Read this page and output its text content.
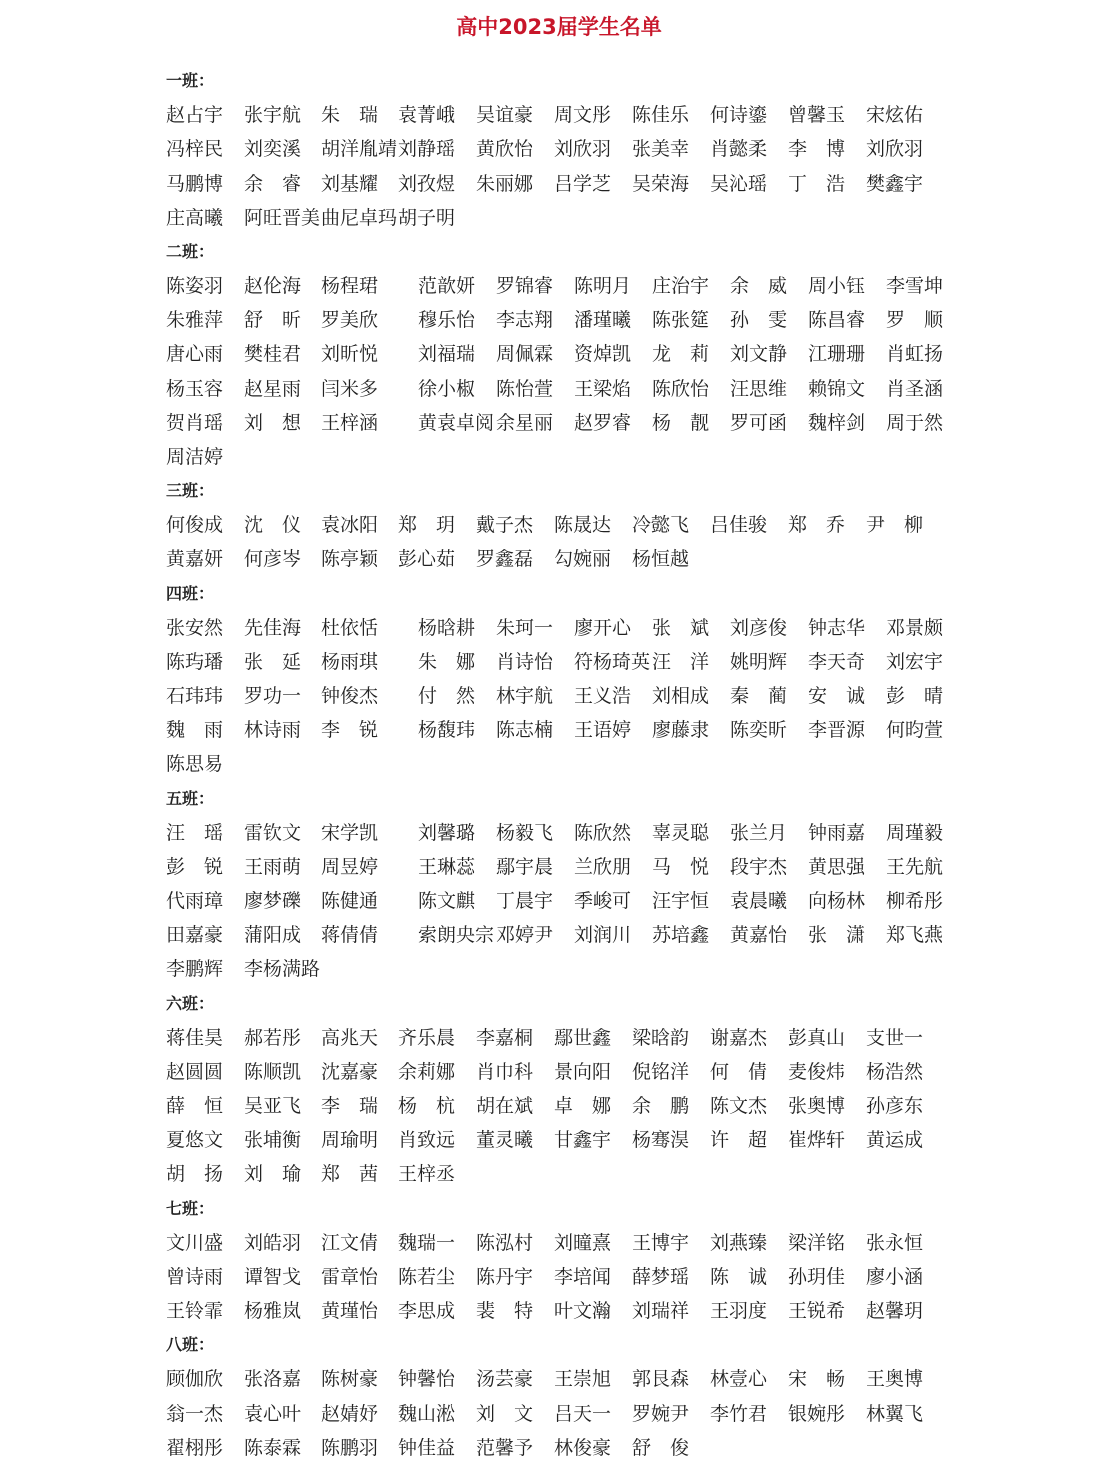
高中2023届学生名单
一班：
赵占宇 张宇航 朱　瑞 袁菁峨 吴谊豪 周文彤 陈佳乐 何诗鎏 曾馨玉 宋炫佑
冯梓民 刘奕溪 胡洋胤靖 刘静瑶 黄欣怡 刘欣羽 张美幸 肖懿柔 李　博 刘欣羽
马鹏博 余　睿 刘基耀 刘孜煜 朱丽娜 吕学芝 吴荣海 吴沁瑶 丁　浩 樊鑫宇
庄高曦 阿旺晋美 曲尼卓玛 胡子明
二班：
陈姿羽 赵伦海 杨程珺 范歆妍 罗锦睿 陈明月 庄治宇 余　威 周小钰 李雪坤
朱雅萍 舒　昕 罗美欣 穆乐怡 李志翔 潘瑾曦 陈张筵 孙　雯 陈昌睿 罗　顺
唐心雨 樊桂君 刘昕悦 刘福瑞 周佩霖 资焯凯 龙　莉 刘文静 江珊珊 肖虹扬
杨玉容 赵星雨 闫米多 徐小椒 陈怡萱 王梁焰 陈欣怡 汪思维 赖锦文 肖圣涵
贺肖瑶 刘　想 王梓涵 黄袁卓阅 余星丽 赵罗睿 杨　靓 罗可函 魏梓剑 周于然
周洁婷
三班：
何俊成 沈　仪 袁冰阳 郑　玥 戴子杰 陈晟达 冷懿飞 吕佳骏 郑　乔 尹　柳
黄嘉妍 何彦岑 陈亭颖 彭心茹 罗鑫磊 勾婉丽 杨恒越
四班：
张安然 先佳海 杜依恬 杨晗耕 朱珂一 廖开心 张　斌 刘彦俊 钟志华 邓景颇
陈玙璠 张　延 杨雨琪 朱　娜 肖诗怡 符杨琦英 汪　洋 姚明辉 李天奇 刘宏宇
石玮玮 罗功一 钟俊杰 付　然 林宇航 王义浩 刘相成 秦　蔺 安　诚 彭　晴
魏　雨 林诗雨 李　锐 杨馥玮 陈志楠 王语婷 廖藤隶 陈奕昕 李晋源 何昀萱
陈思易
五班：
汪　瑶 雷钦文 宋学凯 刘馨璐 杨毅飞 陈欣然 辜灵聪 张兰月 钟雨嘉 周瑾毅
彭　锐 王雨萌 周昱婷 王琳蕊 鄢宇晨 兰欣朋 马　悦 段宇杰 黄思强 王先航
代雨璋 廖梦礫 陈健通 陈文麒 丁晨宇 季峻可 汪宇恒 袁晨曦 向杨林 柳希彤
田嘉豪 蒲阳成 蒋倩倩 索朗央宗 邓婷尹 刘润川 苏培鑫 黄嘉怡 张　潇 郑飞燕
李鹏辉 李杨满路
六班：
蒋佳昊 郝若彤 高兆天 齐乐晨 李嘉桐 鄢世鑫 梁晗韵 谢嘉杰 彭真山 支世一
赵圆圆 陈顺凯 沈嘉豪 余莉娜 肖巾科 景向阳 倪铭洋 何　倩 麦俊炜 杨浩然
薛　恒 吴亚飞 李　瑞 杨　杭 胡在斌 卓　娜 余　鹏 陈文杰 张奥博 孙彦东
夏悠文 张埔衡 周瑜明 肖致远 董灵曦 甘鑫宇 杨骞淏 许　超 崔烨轩 黄运成
胡　扬 刘　瑜 郑　茜 王梓丞
七班：
文川盛 刘皓羽 江文倩 魏瑞一 陈泓村 刘曈熹 王博宇 刘燕臻 梁洋铭 张永恒
曾诗雨 谭智戈 雷章怡 陈若尘 陈丹宇 李培闻 薛梦瑶 陈　诚 孙玥佳 廖小涵
王铃霏 杨雅岚 黄瑾怡 李思成 裴　特 叶文瀚 刘瑞祥 王羽度 王锐希 赵馨玥
八班：
顾伽欣 张洛嘉 陈树豪 钟馨怡 汤芸豪 王崇旭 郭艮森 林壹心 宋　畅 王奥博
翁一杰 袁心叶 赵婧妤 魏山淞 刘　文 吕天一 罗婉尹 李竹君 银婉彤 林翼飞
翟栩彤 陈泰霖 陈鹏羽 钟佳益 范馨予 林俊豪 舒　俊
